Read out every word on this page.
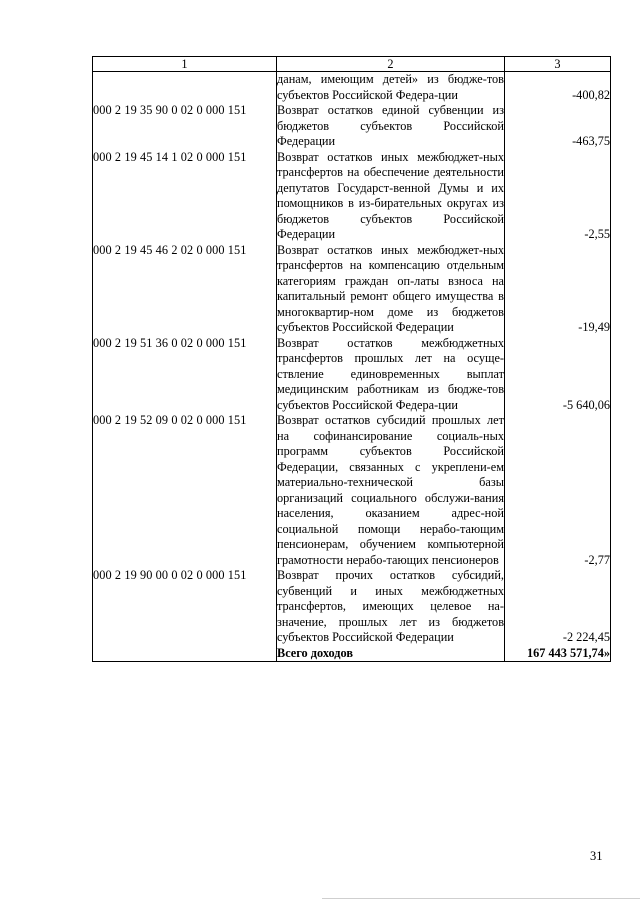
1	2	3
	данам, имеющим детей» из бюдже-тов субъектов Российской Федера-ции	-400,82
000 2 19 35 90 0 02 0 000 151	Возврат остатков единой субвенции из бюджетов субъектов Российской Федерации	-463,75
000 2 19 45 14 1 02 0 000 151	Возврат остатков иных межбюджет-ных трансфертов на обеспечение деятельности депутатов Государст-венной Думы и их помощников в из-бирательных округах из бюджетов субъектов Российской Федерации	-2,55
000 2 19 45 46 2 02 0 000 151	Возврат остатков иных межбюджет-ных трансфертов на компенсацию отдельным категориям граждан оп-латы взноса на капитальный ремонт общего имущества в многоквартир-ном доме из бюджетов субъектов Российской Федерации	-19,49
000 2 19 51 36 0 02 0 000 151	Возврат остатков межбюджетных трансфертов прошлых лет на осуще-ствление единовременных выплат медицинским работникам из бюдже-тов субъектов Российской Федера-ции	-5 640,06
000 2 19 52 09 0 02 0 000 151	Возврат остатков субсидий прошлых лет на софинансирование социаль-ных программ субъектов Российской Федерации, связанных с укреплени-ем материально-технической базы организаций социального обслужи-вания населения, оказанием адрес-ной социальной помощи нерабо-тающим пенсионерам, обучением компьютерной грамотности нерабо-тающих пенсионеров	-2,77
000 2 19 90 00 0 02 0 000 151	Возврат прочих остатков субсидий, субвенций и иных межбюджетных трансфертов, имеющих целевое на-значение, прошлых лет из бюджетов субъектов Российской Федерации	-2 224,45
	Всего доходов	167 443 571,74»
31
